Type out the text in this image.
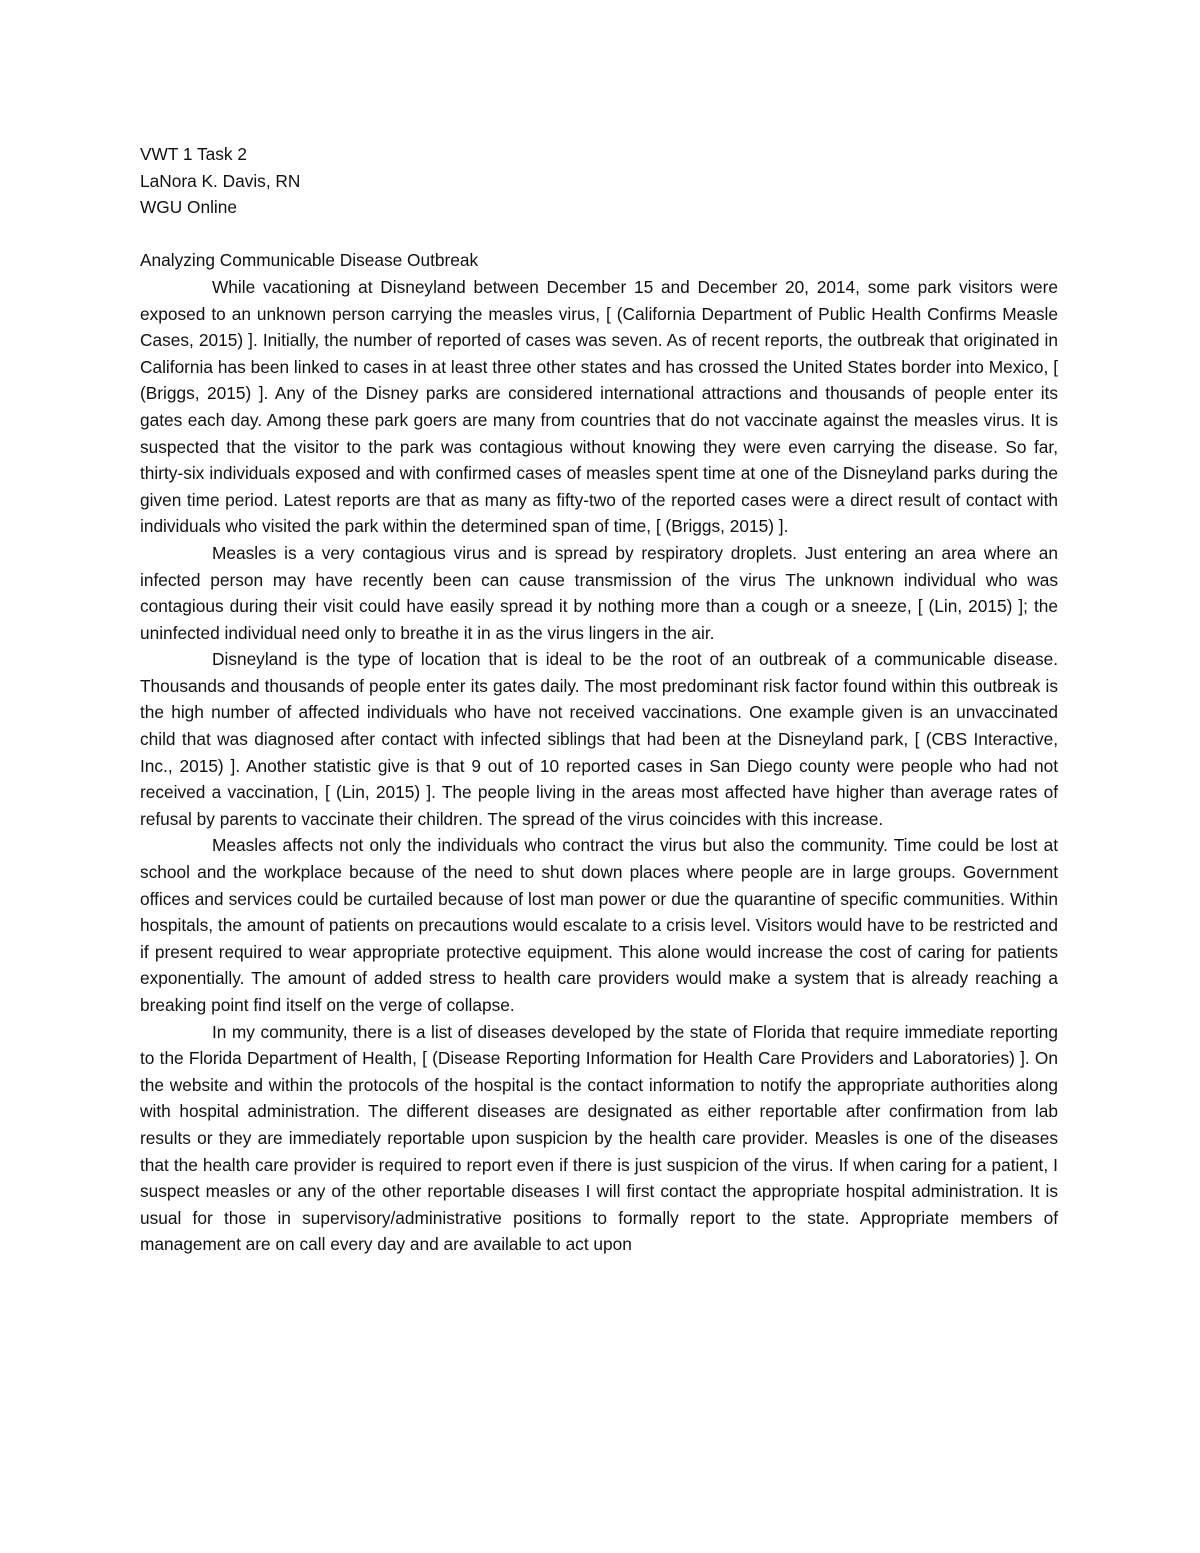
VWT 1 Task 2

LaNora K. Davis, RN

WGU Online

Analyzing Communicable Disease Outbreak

While vacationing at Disneyland between December 15 and December 20, 2014, some park visitors were exposed to an unknown person carrying the measles virus, [ (California Department of Public Health Confirms Measle Cases, 2015) ]. Initially, the number of reported of cases was seven. As of recent reports, the outbreak that originated in California has been linked to cases in at least three other states and has crossed the United States border into Mexico, [ (Briggs, 2015) ]. Any of the Disney parks are considered international attractions and thousands of people enter its gates each day. Among these park goers are many from countries that do not vaccinate against the measles virus. It is suspected that the visitor to the park was contagious without knowing they were even carrying the disease. So far, thirty-six individuals exposed and with confirmed cases of measles spent time at one of the Disneyland parks during the given time period. Latest reports are that as many as fifty-two of the reported cases were a direct result of contact with individuals who visited the park within the determined span of time, [ (Briggs, 2015) ].

Measles is a very contagious virus and is spread by respiratory droplets. Just entering an area where an infected person may have recently been can cause transmission of the virus The unknown individual who was contagious during their visit could have easily spread it by nothing more than a cough or a sneeze, [ (Lin, 2015) ]; the uninfected individual need only to breathe it in as the virus lingers in the air.

Disneyland is the type of location that is ideal to be the root of an outbreak of a communicable disease. Thousands and thousands of people enter its gates daily. The most predominant risk factor found within this outbreak is the high number of affected individuals who have not received vaccinations. One example given is an unvaccinated child that was diagnosed after contact with infected siblings that had been at the Disneyland park, [ (CBS Interactive, Inc., 2015) ]. Another statistic give is that 9 out of 10 reported cases in San Diego county were people who had not received a vaccination, [ (Lin, 2015) ]. The people living in the areas most affected have higher than average rates of refusal by parents to vaccinate their children. The spread of the virus coincides with this increase.

Measles affects not only the individuals who contract the virus but also the community. Time could be lost at school and the workplace because of the need to shut down places where people are in large groups. Government offices and services could be curtailed because of lost man power or due the quarantine of specific communities. Within hospitals, the amount of patients on precautions would escalate to a crisis level. Visitors would have to be restricted and if present required to wear appropriate protective equipment. This alone would increase the cost of caring for patients exponentially. The amount of added stress to health care providers would make a system that is already reaching a breaking point find itself on the verge of collapse.

In my community, there is a list of diseases developed by the state of Florida that require immediate reporting to the Florida Department of Health, [ (Disease Reporting Information for Health Care Providers and Laboratories) ]. On the website and within the protocols of the hospital is the contact information to notify the appropriate authorities along with hospital administration. The different diseases are designated as either reportable after confirmation from lab results or they are immediately reportable upon suspicion by the health care provider. Measles is one of the diseases that the health care provider is required to report even if there is just suspicion of the virus. If when caring for a patient, I suspect measles or any of the other reportable diseases I will first contact the appropriate hospital administration. It is usual for those in supervisory/administrative positions to formally report to the state. Appropriate members of management are on call every day and are available to act upon
